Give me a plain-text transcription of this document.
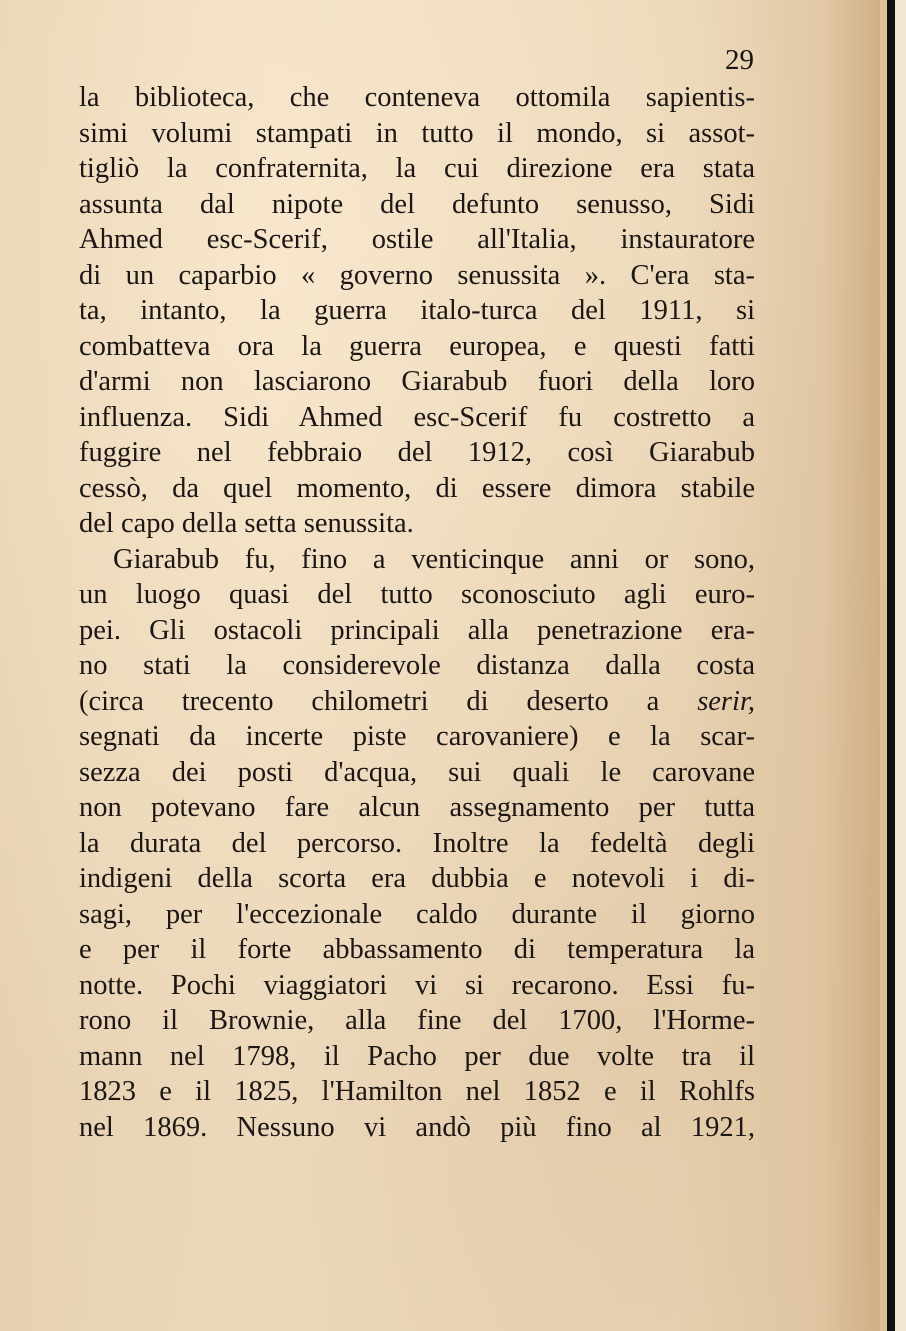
29
la biblioteca, che conteneva ottomila sapientis-
simi volumi stampati in tutto il mondo, si assot-
tigliò la confraternita, la cui direzione era stata
assunta dal nipote del defunto senusso, Sidi
Ahmed esc-Scerif, ostile all'Italia, instauratore
di un caparbio « governo senussita ». C'era sta-
ta, intanto, la guerra italo-turca del 1911, si
combatteva ora la guerra europea, e questi fatti
d'armi non lasciarono Giarabub fuori della loro
influenza. Sidi Ahmed esc-Scerif fu costretto a
fuggire nel febbraio del 1912, così Giarabub
cessò, da quel momento, di essere dimora stabile
del capo della setta senussita.
Giarabub fu, fino a venticinque anni or sono,
un luogo quasi del tutto sconosciuto agli euro-
pei. Gli ostacoli principali alla penetrazione era-
no stati la considerevole distanza dalla costa
(circa trecento chilometri di deserto a serir,
segnati da incerte piste carovaniere) e la scar-
sezza dei posti d'acqua, sui quali le carovane
non potevano fare alcun assegnamento per tutta
la durata del percorso. Inoltre la fedeltà degli
indigeni della scorta era dubbia e notevoli i di-
sagi, per l'eccezionale caldo durante il giorno
e per il forte abbassamento di temperatura la
notte. Pochi viaggiatori vi si recarono. Essi fu-
rono il Brownie, alla fine del 1700, l'Horme-
mann nel 1798, il Pacho per due volte tra il
1823 e il 1825, l'Hamilton nel 1852 e il Rohlfs
nel 1869. Nessuno vi andò più fino al 1921,
